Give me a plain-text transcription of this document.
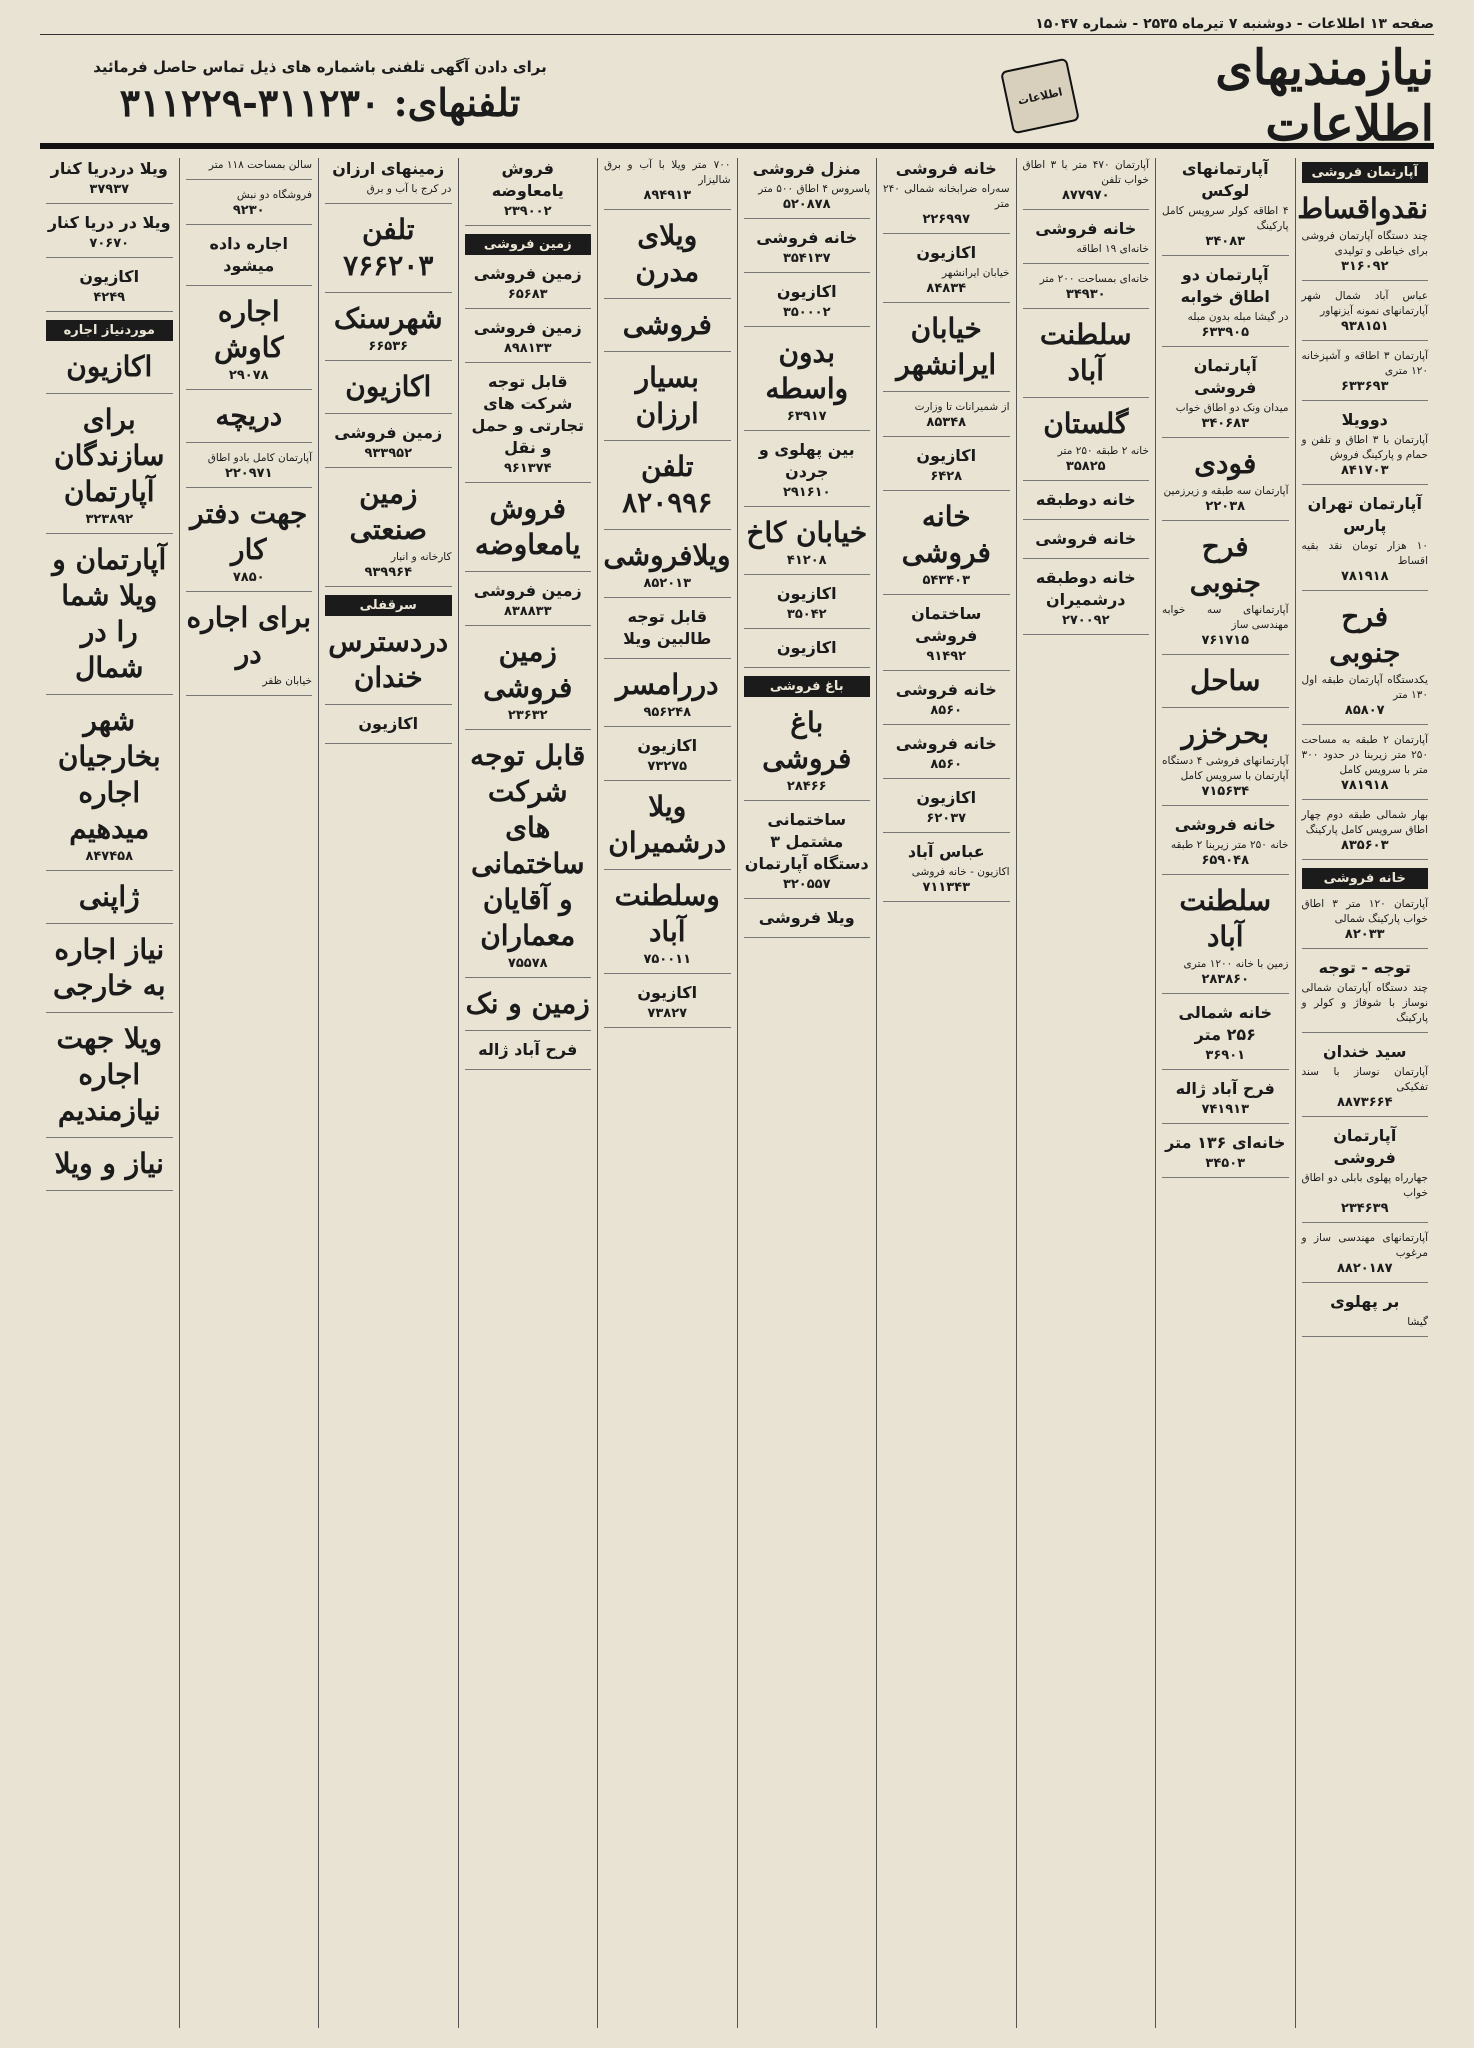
صفحه ۱۳ اطلاعات - دوشنبه ۷ تیرماه ۲۵۳۵ - شماره ۱۵۰۴۷
نیازمندیهای اطلاعات
اطلاعات
برای دادن آگهی تلفنی باشماره های ذیل تماس حاصل فرمائید
تلفنهای: ۳۱۱۲۳۰-۳۱۱۲۲۹
آپارتمان فروشی
نقدواقساط
چند دستگاه آپارتمان فروشی برای خیاطی و تولیدی
۳۱۶۰۹۲
عباس آباد شمال شهر آپارتمانهای نمونه آیزنهاور
۹۳۸۱۵۱
آپارتمان ۳ اطاقه و آشپزخانه ۱۲۰ متری
۶۳۳۶۹۳
دوویلا
آپارتمان با ۳ اطاق و تلفن و حمام و پارکینگ فروش
۸۴۱۷۰۳
آپارتمان تهران پارس
۱۰ هزار تومان نقد بقیه اقساط
۷۸۱۹۱۸
فرح جنوبی
یکدستگاه آپارتمان طبقه اول ۱۳۰ متر
۸۵۸۰۷
آپارتمان ۲ طبقه به مساحت ۲۵۰ متر زیربنا در حدود ۳۰۰ متر با سرویس کامل
۷۸۱۹۱۸
بهار شمالی طبقه دوم چهار اطاق سرویس کامل پارکینگ
۸۳۵۶۰۳
خانه فروشی
آپارتمان ۱۲۰ متر ۳ اطاق خواب پارکینگ شمالی
۸۲۰۳۳
توجه - توجه
چند دستگاه آپارتمان شمالی نوساز با شوفاژ و کولر و پارکینگ
سید خندان
آپارتمان نوساز با سند تفکیکی
۸۸۷۳۶۶۴
آپارتمان فروشی
جهارراه پهلوی بابلی دو اطاق خواب
۲۳۴۶۳۹
آپارتمانهای مهندسی ساز و مرغوب
۸۸۲۰۱۸۷
بر پهلوی
گیشا
آپارتمانهای لوکس
۴ اطاقه کولر سرویس کامل پارکینگ
۳۴۰۸۳
آپارتمان دو اطاق خوابه
در گیشا مبله بدون مبله
۶۳۳۹۰۵
آپارتمان فروشی
میدان ونک دو اطاق خواب
۳۴۰۶۸۳
فودی
آپارتمان سه طبقه و زیرزمین
۲۲۰۳۸
فرح جنوبی
آپارتمانهای سه خوابه مهندسی ساز
۷۶۱۷۱۵
ساحل
بحرخزر
آپارتمانهای فروشی ۴ دستگاه آپارتمان با سرویس کامل
۷۱۵۶۳۴
خانه فروشی
خانه ۲۵۰ متر زیربنا ۲ طبقه
۶۵۹۰۴۸
سلطنت آباد
زمین با خانه ۱۲۰۰ متری
۲۸۳۸۶۰
خانه شمالی ۲۵۶ متر
۳۶۹۰۱
فرح آباد ژاله
۷۴۱۹۱۳
خانه‌ای ۱۳۶ متر
۳۴۵۰۳
آپارتمان ۴۷۰ متر با ۳ اطاق خواب تلفن
۸۷۷۹۷۰
خانه فروشی
خانه‌ای ۱۹ اطاقه
خانه‌ای بمساحت ۲۰۰ متر
۳۴۹۳۰
سلطنت آباد
گلستان
خانه ۲ طبقه ۲۵۰ متر
۳۵۸۲۵
خانه دوطبقه
خانه فروشی
خانه دوطبقه درشمیران
۲۷۰۰۹۲
خانه فروشی
سه‌راه ضرابخانه شمالی ۲۴۰ متر
۲۲۶۹۹۷
اکازیون
خیابان ایرانشهر
۸۴۸۳۴
خیابان ایرانشهر
از شمیرانات تا وزارت
۸۵۳۴۸
اکازیون
۶۴۲۸
خانه فروشی
۵۴۳۴۰۳
ساختمان فروشی
۹۱۴۹۲
خانه فروشی
۸۵۶۰
خانه فروشی
۸۵۶۰
اکازیون
۶۲۰۳۷
عباس آباد
اکازیون - خانه فروشی
۷۱۱۳۴۳
منزل فروشی
پاسروس ۴ اطاق ۵۰۰ متر
۵۲۰۸۷۸
خانه فروشی
۳۵۴۱۳۷
اکازیون
۳۵۰۰۰۲
بدون واسطه
۶۳۹۱۷
بین پهلوی و جردن
۲۹۱۶۱۰
خیابان کاخ
۴۱۲۰۸
اکازیون
۳۵۰۴۲
اکازیون
باغ فروشی
باغ فروشی
۲۸۴۶۶
ساختمانی مشتمل ۳ دستگاه آپارتمان
۳۲۰۵۵۷
ویلا فروشی
۷۰۰ متر ویلا با آب و برق شالیزار
۸۹۴۹۱۳
ویلای مدرن
فروشی
بسیار ارزان
تلفن ۸۲۰۹۹۶
ویلافروشی
۸۵۲۰۱۳
قابل توجه طالبین ویلا
دررامسر
۹۵۶۲۴۸
اکازیون
۷۳۲۷۵
ویلا درشمیران
وسلطنت آباد
۷۵۰۰۱۱
اکازیون
۷۳۸۲۷
فروش یامعاوضه
۲۳۹۰۰۲
زمین فروشی
زمین فروشی
۶۵۶۸۳
زمین فروشی
۸۹۸۱۳۳
قابل توجه شرکت های تجارتی و حمل و نقل
۹۶۱۳۷۴
فروش یامعاوضه
زمین فروشی
۸۳۸۸۳۳
زمین فروشی
۲۳۶۳۲
قابل توجه شرکت های ساختمانی و آقایان معماران
۷۵۵۷۸
زمین و نک
فرح آباد ژاله
زمینهای ارزان
در کرج با آب و برق
تلفن ۷۶۶۲۰۳
شهرسنک
۶۶۵۳۶
اکازیون
زمین فروشی
۹۳۳۹۵۲
زمین صنعتی
کارخانه و انبار
۹۳۹۹۶۴
سرقفلی
دردسترس خندان
اکازیون
سالن بمساحت ۱۱۸ متر
فروشگاه دو نبش
۹۲۳۰
اجاره داده میشود
اجاره کاوش
۲۹۰۷۸
دریچه
آپارتمان کامل بادو اطاق
۲۲۰۹۷۱
جهت دفتر کار
۷۸۵۰
برای اجاره در
خیابان ظفر
ویلا دردریا کنار
۳۷۹۳۷
ویلا در دریا کنار
۷۰۶۷۰
اکازیون
۴۲۴۹
موردنیاز اجاره
اکازیون
برای سازندگان آپارتمان
۳۲۳۸۹۲
آپارتمان و ویلا شما را در شمال
شهر بخارجیان اجاره میدهیم
۸۴۷۴۵۸
ژاپنی
نیاز اجاره به خارجی
ویلا جهت اجاره نیازمندیم
نیاز و ویلا
